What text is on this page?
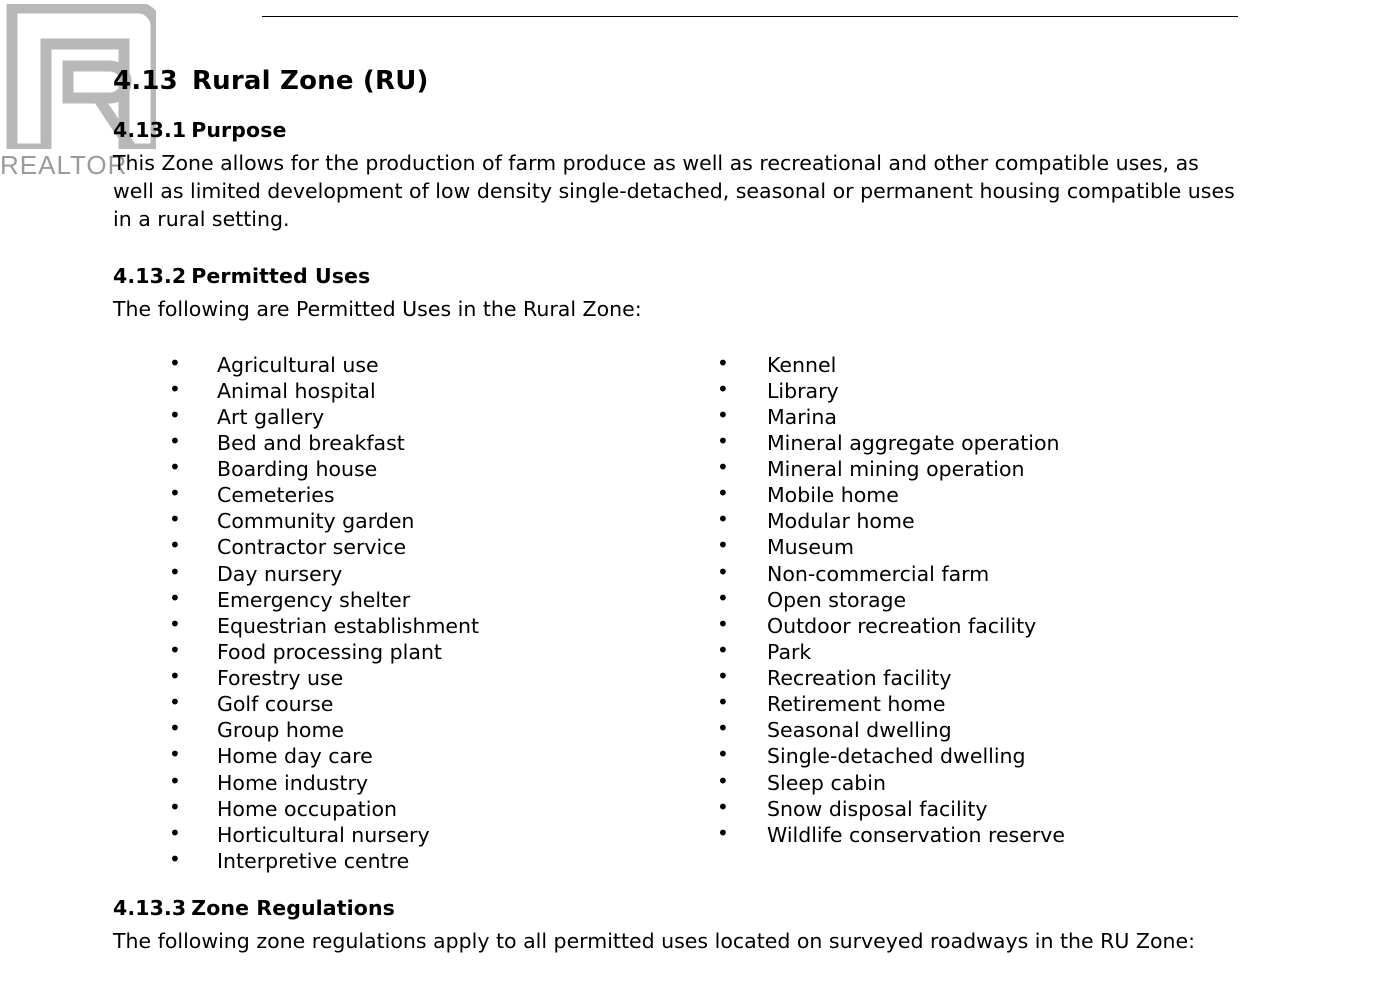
REALTOR
4.13 Rural Zone (RU)
4.13.1 Purpose

This Zone allows for the production of farm produce as well as recreational and other compatible uses, as well as limited development of low density single-detached, seasonal or permanent housing compatible uses in a rural setting.

4.13.2 Permitted Uses

The following are Permitted Uses in the Rural Zone:

• Agricultural use
• Animal hospital
• Art gallery
• Bed and breakfast
• Boarding house
• Cemeteries
• Community garden
• Contractor service
• Day nursery
• Emergency shelter
• Equestrian establishment
• Food processing plant
• Forestry use
• Golf course
• Group home
• Home day care
• Home industry
• Home occupation
• Horticultural nursery
• Interpretive centre
• Kennel
• Library
• Marina
• Mineral aggregate operation
• Mineral mining operation
• Mobile home
• Modular home
• Museum
• Non-commercial farm
• Open storage
• Outdoor recreation facility
• Park
• Recreation facility
• Retirement home
• Seasonal dwelling
• Single-detached dwelling
• Sleep cabin
• Snow disposal facility
• Wildlife conservation reserve
4.13.3 Zone Regulations

The following zone regulations apply to all permitted uses located on surveyed roadways in the RU Zone:
